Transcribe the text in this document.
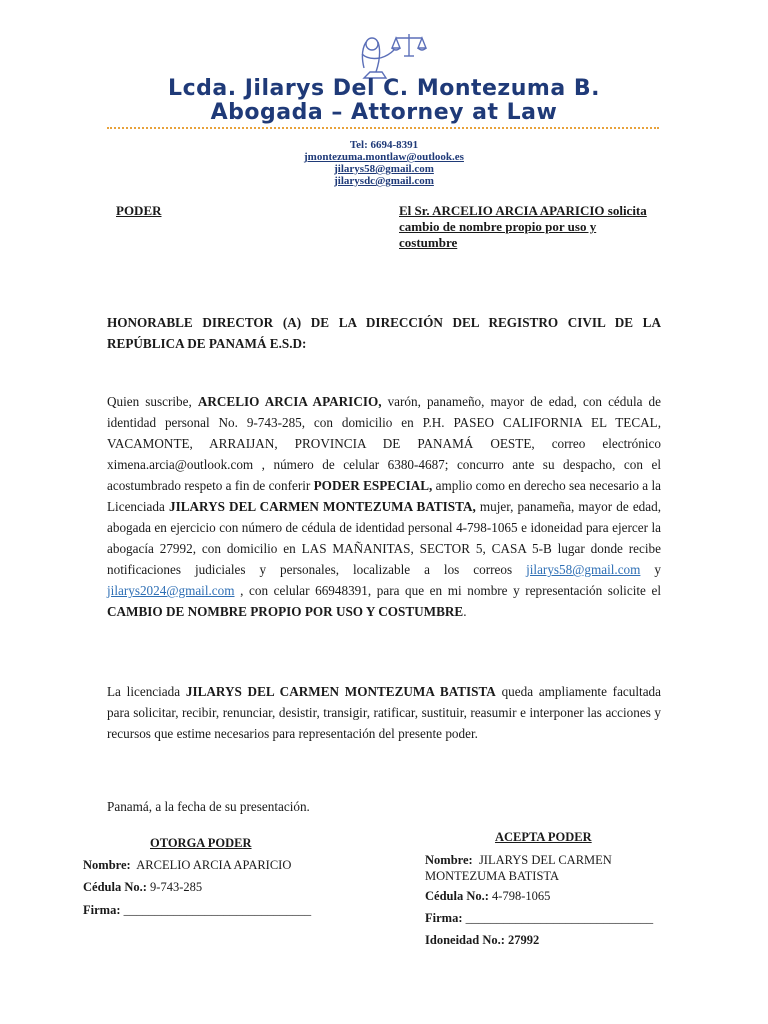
Lcda. Jilarys Del C. Montezuma B.
Abogada – Attorney at Law
Tel: 6694-8391
jmontezuma.montlaw@outlook.es
jilarys58@gmail.com
jilarysdc@gmail.com
PODER	El Sr. ARCELIO ARCIA APARICIO solicita cambio de nombre propio por uso y costumbre
HONORABLE DIRECTOR (A) DE LA DIRECCIÓN DEL REGISTRO CIVIL DE LA REPÚBLICA DE PANAMÁ E.S.D:
Quien suscribe, ARCELIO ARCIA APARICIO, varón, panameño, mayor de edad, con cédula de identidad personal No. 9-743-285, con domicilio en P.H. PASEO CALIFORNIA EL TECAL, VACAMONTE, ARRAIJAN, PROVINCIA DE PANAMÁ OESTE, correo electrónico ximena.arcia@outlook.com , número de celular 6380-4687; concurro ante su despacho, con el acostumbrado respeto a fin de conferir PODER ESPECIAL, amplio como en derecho sea necesario a la Licenciada JILARYS DEL CARMEN MONTEZUMA BATISTA, mujer, panameña, mayor de edad, abogada en ejercicio con número de cédula de identidad personal 4-798-1065 e idoneidad para ejercer la abogacía 27992, con domicilio en LAS MAÑANITAS, SECTOR 5, CASA 5-B lugar donde recibe notificaciones judiciales y personales, localizable a los correos jilarys58@gmail.com y jilarys2024@gmail.com , con celular 66948391, para que en mi nombre y representación solicite el CAMBIO DE NOMBRE PROPIO POR USO Y COSTUMBRE.
La licenciada JILARYS DEL CARMEN MONTEZUMA BATISTA queda ampliamente facultada para solicitar, recibir, renunciar, desistir, transigir, ratificar, sustituir, reasumir e interponer las acciones y recursos que estime necesarios para representación del presente poder.
Panamá, a la fecha de su presentación.
OTORGA PODER
Nombre: ARCELIO ARCIA APARICIO
Cédula No.: 9-743-285
Firma: ______________________________
ACEPTA PODER
Nombre: JILARYS DEL CARMEN MONTEZUMA BATISTA
Cédula No.: 4-798-1065
Firma: ______________________________
Idoneidad No.: 27992
